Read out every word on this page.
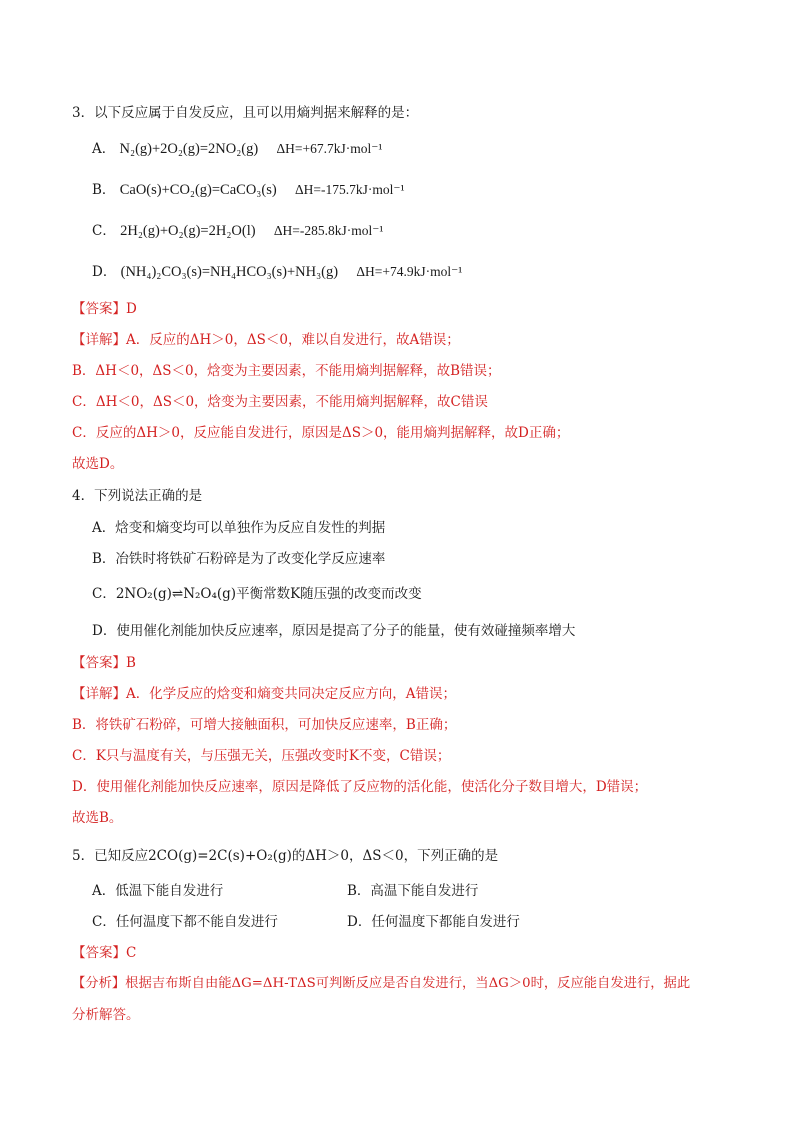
3．以下反应属于自发反应，且可以用熵判据来解释的是：
A． N₂(g)+2O₂(g)=2NO₂(g) ΔH=+67.7kJ·mol⁻¹
B． CaO(s)+CO₂(g)=CaCO₃(s) ΔH=-175.7kJ·mol⁻¹
C． 2H₂(g)+O₂(g)=2H₂O(l) ΔH=-285.8kJ·mol⁻¹
D． (NH₄)₂CO₃(s)=NH₄HCO₃(s)+NH₃(g) ΔH=+74.9kJ·mol⁻¹
【答案】D
【详解】A．反应的ΔH＞0，ΔS＜0，难以自发进行，故A错误；
B．ΔH＜0，ΔS＜0，焓变为主要因素，不能用熵判据解释，故B错误；
C．ΔH＜0，ΔS＜0，焓变为主要因素，不能用熵判据解释，故C错误
C．反应的ΔH＞0，反应能自发进行，原因是ΔS＞0，能用熵判据解释，故D正确；
故选D。
4．下列说法正确的是
A．焓变和熵变均可以单独作为反应自发性的判据
B．冶铁时将铁矿石粉碎是为了改变化学反应速率
C．2NO₂(g)⇌N₂O₄(g)平衡常数K随压强的改变而改变
D．使用催化剂能加快反应速率，原因是提高了分子的能量，使有效碰撞频率增大
【答案】B
【详解】A．化学反应的焓变和熵变共同决定反应方向，A错误；
B．将铁矿石粉碎，可增大接触面积，可加快反应速率，B正确；
C．K只与温度有关，与压强无关，压强改变时K不变，C错误；
D．使用催化剂能加快反应速率，原因是降低了反应物的活化能，使活化分子数目增大，D错误；
故选B。
5．已知反应2CO(g)=2C(s)+O₂(g)的ΔH＞0，ΔS＜0，下列正确的是
A．低温下能自发进行	B．高温下能自发进行
C．任何温度下都不能自发进行	D．任何温度下都能自发进行
【答案】C
【分析】根据吉布斯自由能ΔG=ΔH-TΔS可判断反应是否自发进行，当ΔG＞0时，反应能自发进行，据此
分析解答。
